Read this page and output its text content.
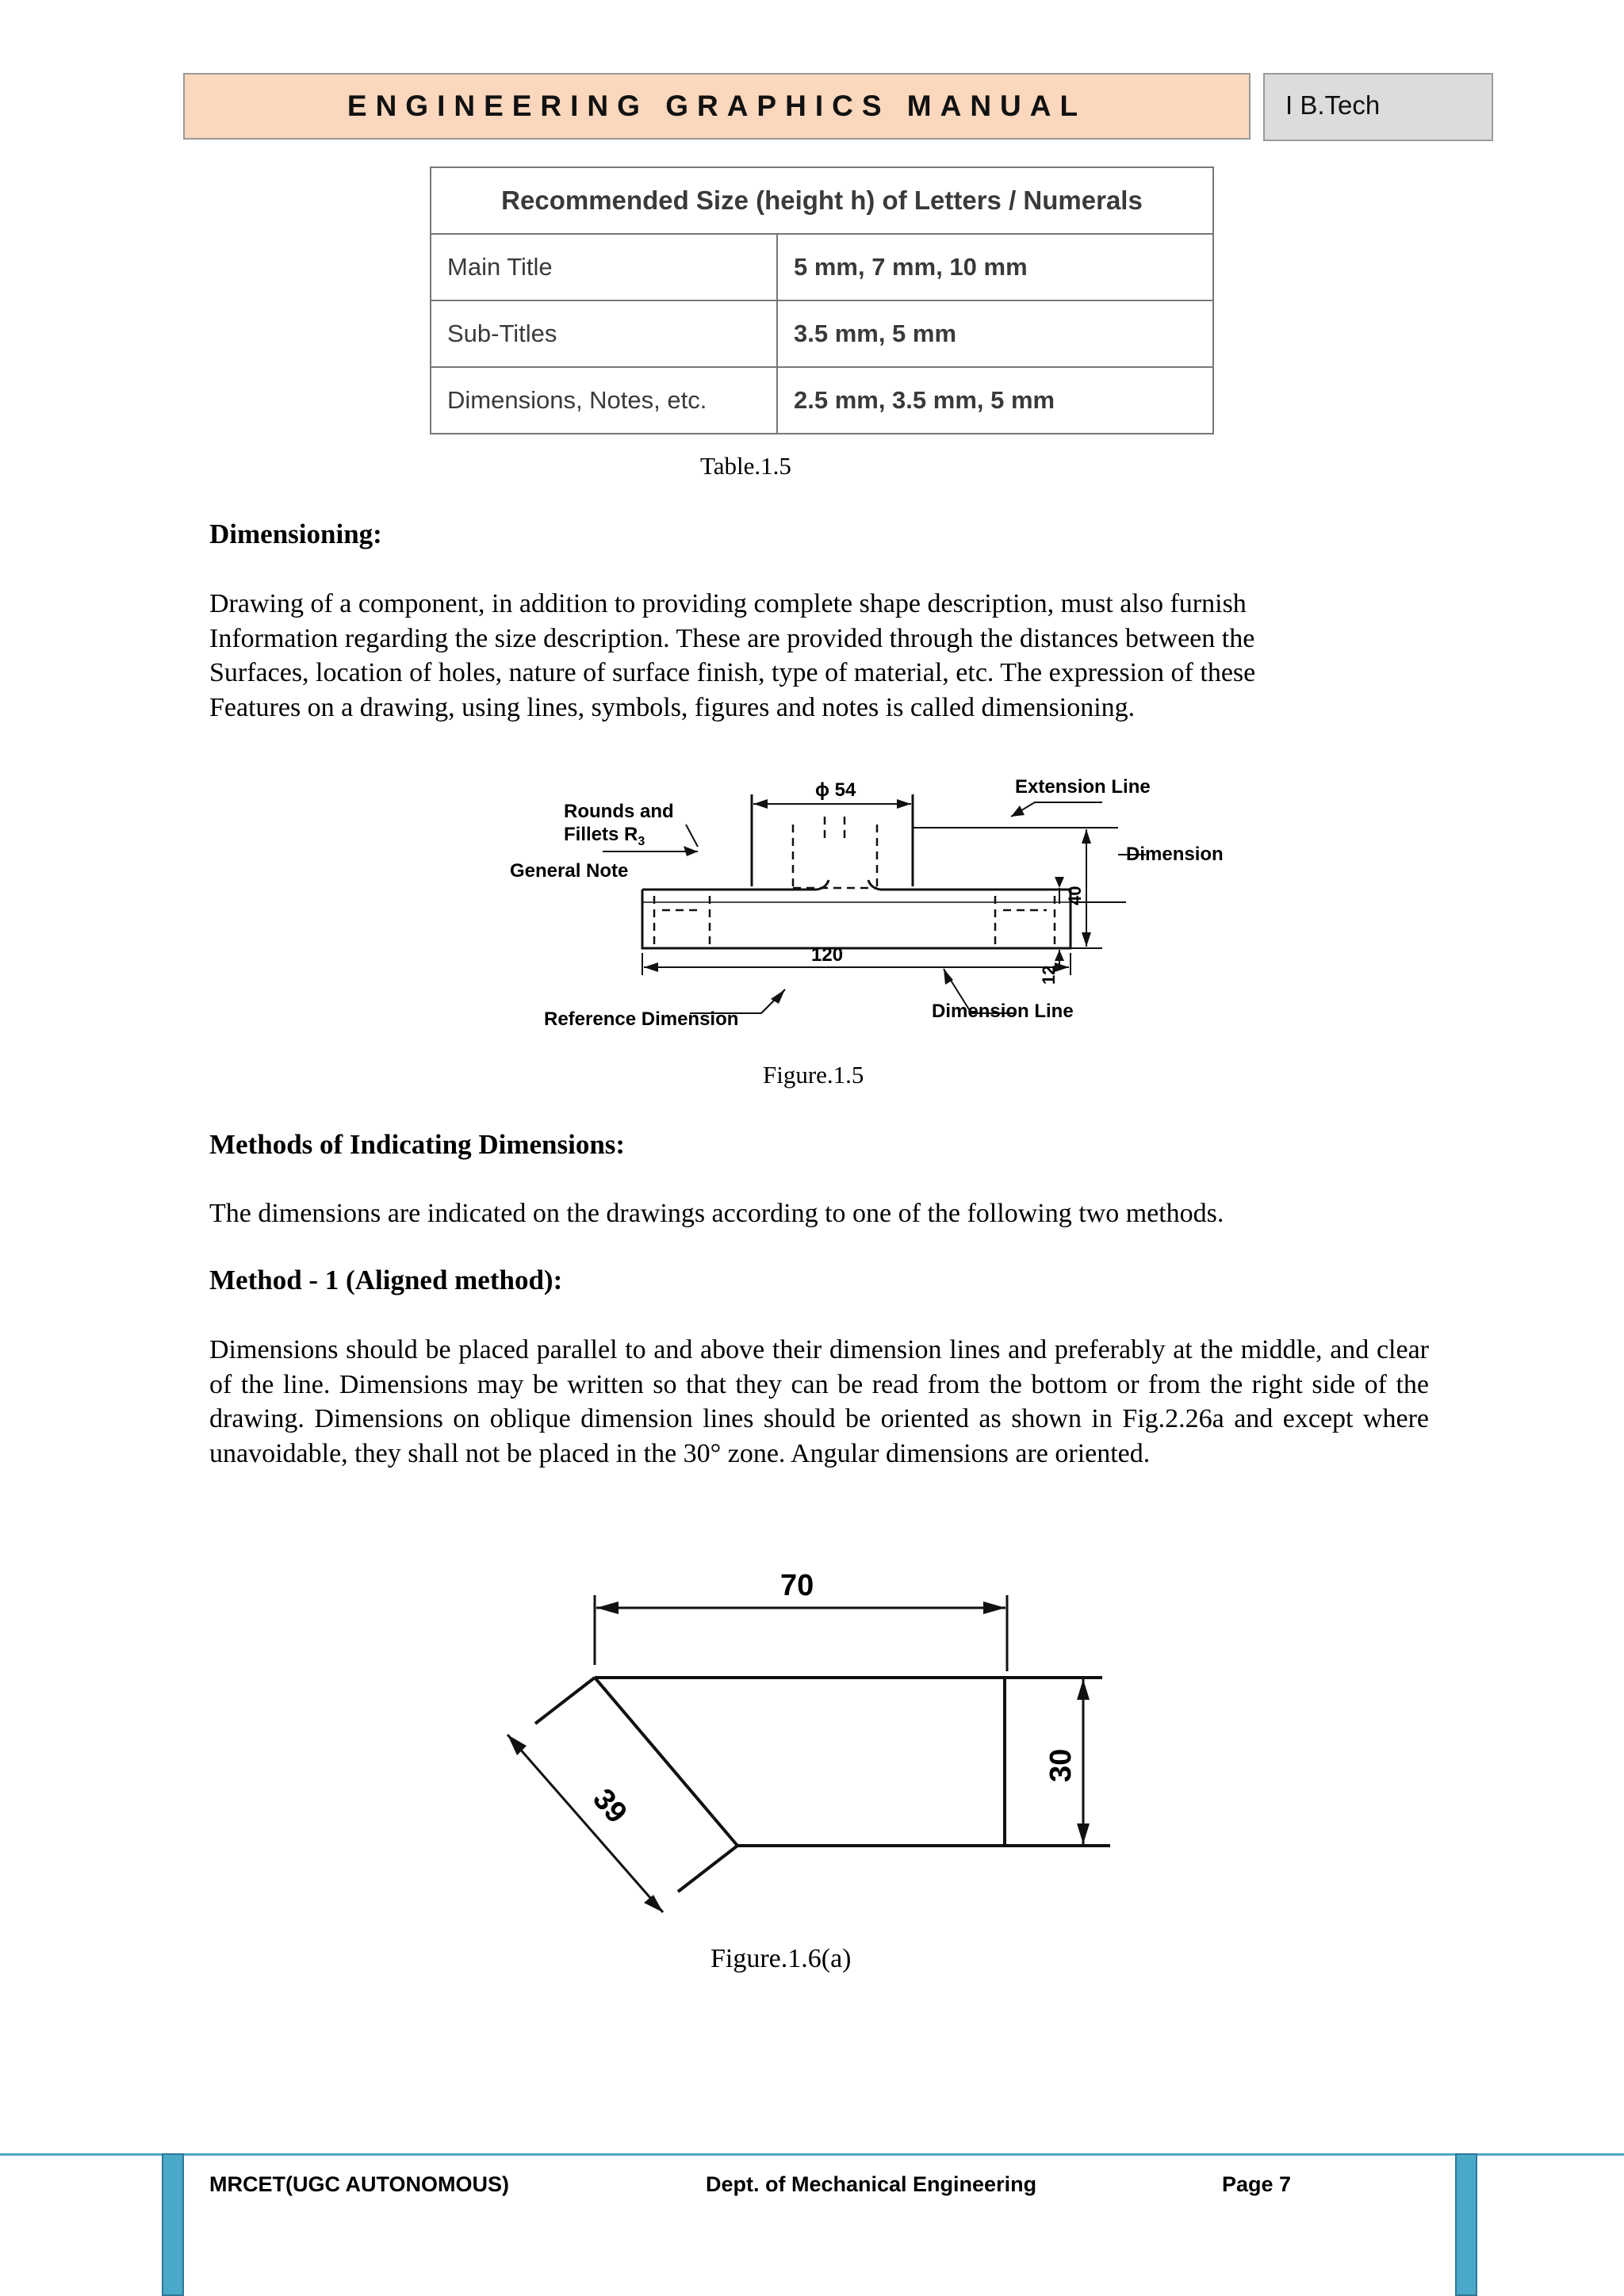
ENGINEERING GRAPHICS MANUAL	I B.Tech
Recommended Size (height h) of Letters / Numerals	
Main Title	5 mm, 7 mm, 10 mm
Sub-Titles	3.5 mm, 5 mm
Dimensions, Notes, etc.	2.5 mm, 3.5 mm, 5 mm
Table.1.5
Dimensioning:
Drawing of a component, in addition to providing complete shape description, must also furnish
Information regarding the size description. These are provided through the distances between the
Surfaces, location of holes, nature of surface finish, type of material, etc. The expression of these
Features on a drawing, using lines, symbols, figures and notes is called dimensioning.
Rounds and
Fillets $R_3$
General Note
ϕ 54	Extension Line
Dimension
40
12
120
Reference Dimension	Dimension Line
Figure.1.5
Methods of Indicating Dimensions:
The dimensions are indicated on the drawings according to one of the following two methods.
Method - 1 (Aligned method):
Dimensions should be placed parallel to and above their dimension lines and preferably at the middle, and clear of the line. Dimensions may be written so that they can be read from the bottom or from the right side of the drawing. Dimensions on oblique dimension lines should be oriented as shown in Fig.2.26a and except where unavoidable, they shall not be placed in the 30° zone. Angular dimensions are oriented.
70
30
39
Figure.1.6(a)
MRCET(UGC AUTONOMOUS)	Dept. of Mechanical Engineering	Page 7
